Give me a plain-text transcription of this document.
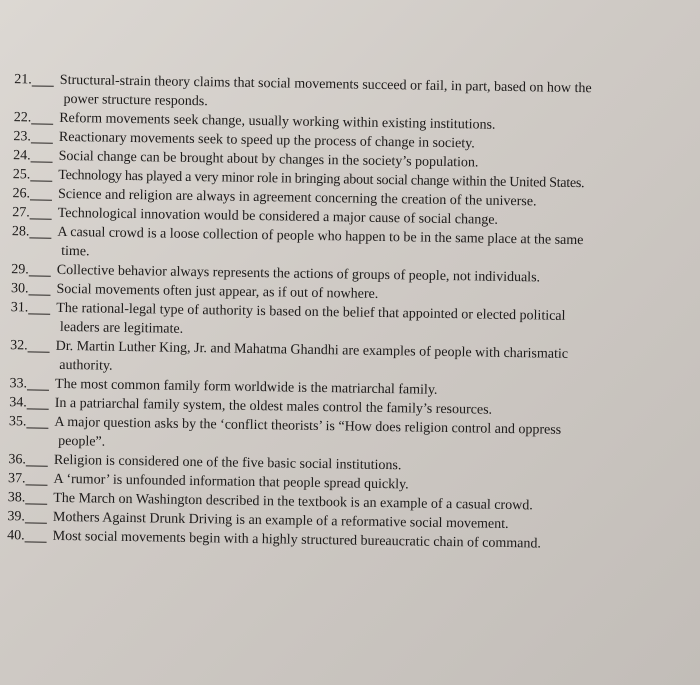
21. Structural-strain theory claims that social movements succeed or fail, in part, based on how the
power structure responds.
22. Reform movements seek change, usually working within existing institutions.
23. Reactionary movements seek to speed up the process of change in society.
24. Social change can be brought about by changes in the society’s population.
25. Technology has played a very minor role in bringing about social change within the United States.
26. Science and religion are always in agreement concerning the creation of the universe.
27. Technological innovation would be considered a major cause of social change.
28. A casual crowd is a loose collection of people who happen to be in the same place at the same
time.
29. Collective behavior always represents the actions of groups of people, not individuals.
30. Social movements often just appear, as if out of nowhere.
31. The rational-legal type of authority is based on the belief that appointed or elected political
leaders are legitimate.
32. Dr. Martin Luther King, Jr. and Mahatma Ghandhi are examples of people with charismatic
authority.
33. The most common family form worldwide is the matriarchal family.
34. In a patriarchal family system, the oldest males control the family’s resources.
35. A major question asks by the ‘conflict theorists’ is “How does religion control and oppress
people”.
36. Religion is considered one of the five basic social institutions.
37. A ‘rumor’ is unfounded information that people spread quickly.
38. The March on Washington described in the textbook is an example of a casual crowd.
39. Mothers Against Drunk Driving is an example of a reformative social movement.
40. Most social movements begin with a highly structured bureaucratic chain of command.
